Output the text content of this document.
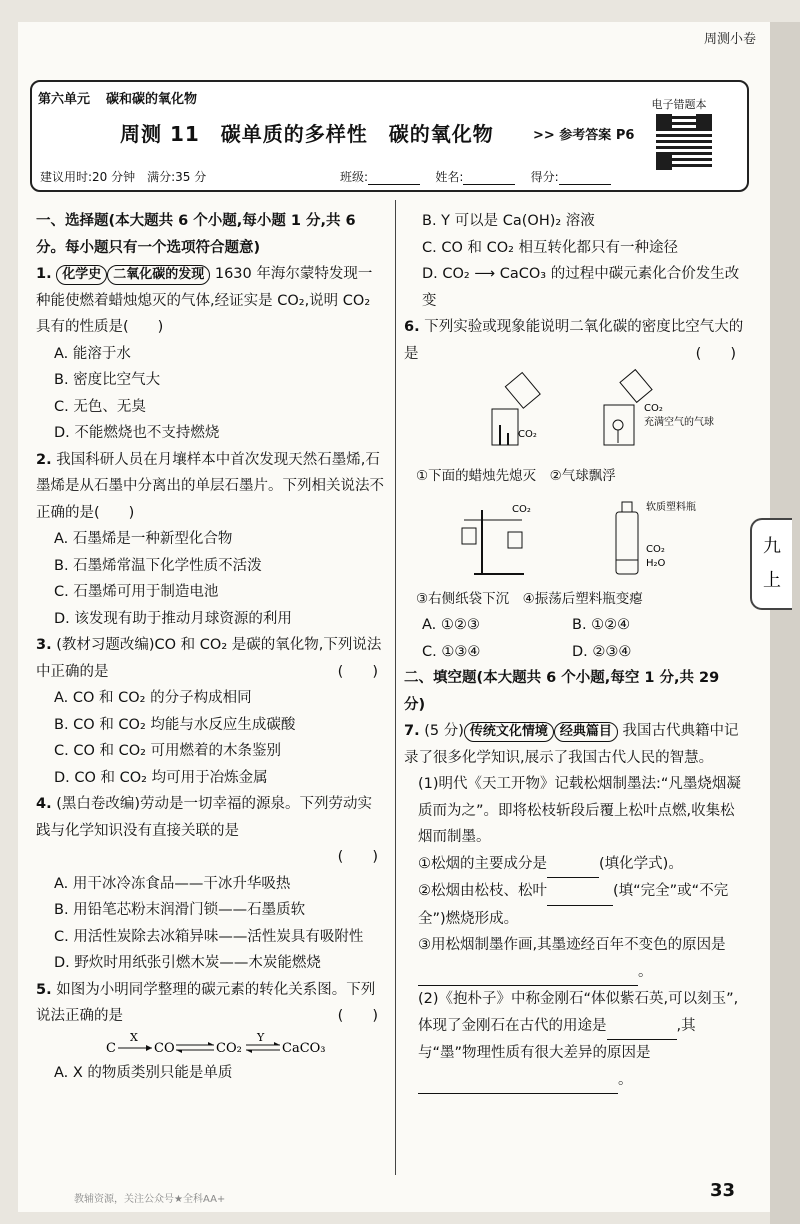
周测小卷
第六单元 碳和碳的氧化物
周测 11　碳单质的多样性　碳的氧化物	>> 参考答案 P6
电子错题本
建议用时:20 分钟　满分:35 分	班级:	姓名:	得分:

一、选择题(本大题共 6 个小题,每小题 1 分,共 6 分。每小题只有一个选项符合题意)

1. 化学史 二氧化碳的发现 1630 年海尔蒙特发现一种能使燃着蜡烛熄灭的气体,经证实是 CO₂,说明 CO₂ 具有的性质是(　　)

A. 能溶于水

B. 密度比空气大

C. 无色、无臭

D. 不能燃烧也不支持燃烧

2. 我国科研人员在月壤样本中首次发现天然石墨烯,石墨烯是从石墨中分离出的单层石墨片。下列相关说法不正确的是(　　)

A. 石墨烯是一种新型化合物

B. 石墨烯常温下化学性质不活泼

C. 石墨烯可用于制造电池

D. 该发现有助于推动月球资源的利用

3. (教材习题改编)CO 和 CO₂ 是碳的氧化物,下列说法中正确的是	(　　)

A. CO 和 CO₂ 的分子构成相同

B. CO 和 CO₂ 均能与水反应生成碳酸

C. CO 和 CO₂ 可用燃着的木条鉴别

D. CO 和 CO₂ 均可用于冶炼金属

4. (黑白卷改编)劳动是一切幸福的源泉。下列劳动实践与化学知识没有直接关联的是

(　　)

A. 用干冰冷冻食品——干冰升华吸热

B. 用铅笔芯粉末润滑门锁——石墨质软

C. 用活性炭除去冰箱异味——活性炭具有吸附性

D. 野炊时用纸张引燃木炭——木炭能燃烧

5. 如图为小明同学整理的碳元素的转化关系图。下列说法正确的是	(　　)

C
X
CO	CO₂
Y
CaCO₃

A. X 的物质类别只能是单质

B. Y 可以是 Ca(OH)₂ 溶液

C. CO 和 CO₂ 相互转化都只有一种途径

D. CO₂ ⟶ CaCO₃ 的过程中碳元素化合价发生改变

6. 下列实验或现象能说明二氧化碳的密度比空气大的是	(　　)

CO₂
CO₂
充满空气的气球

①下面的蜡烛先熄灭　 ②气球飘浮

CO₂	软质塑料瓶
CO₂
H₂O

③右侧纸袋下沉　 ④振荡后塑料瓶变瘪

A. ①②③	B. ①②④

C. ①③④	D. ②③④

二、填空题(本大题共 6 个小题,每空 1 分,共 29 分)

7. (5 分) 传统文化情境 经典篇目 我国古代典籍中记录了很多化学知识,展示了我国古代人民的智慧。

(1)明代《天工开物》记载松烟制墨法:“凡墨烧烟凝质而为之”。即将松枝斩段后覆上松叶点燃,收集松烟而制墨。

①松烟的主要成分是	(填化学式)。

②松烟由松枝、松叶	(填“完全”或“不完全”)燃烧形成。

③用松烟制墨作画,其墨迹经百年不变色的原因是 。

(2)《抱朴子》中称金刚石“体似紫石英,可以刻玉”,体现了金刚石在古代的用途是	,其与“墨”物理性质有很大差异的原因是 。

九
上
教辅资源，关注公众号★全科AA+	33
